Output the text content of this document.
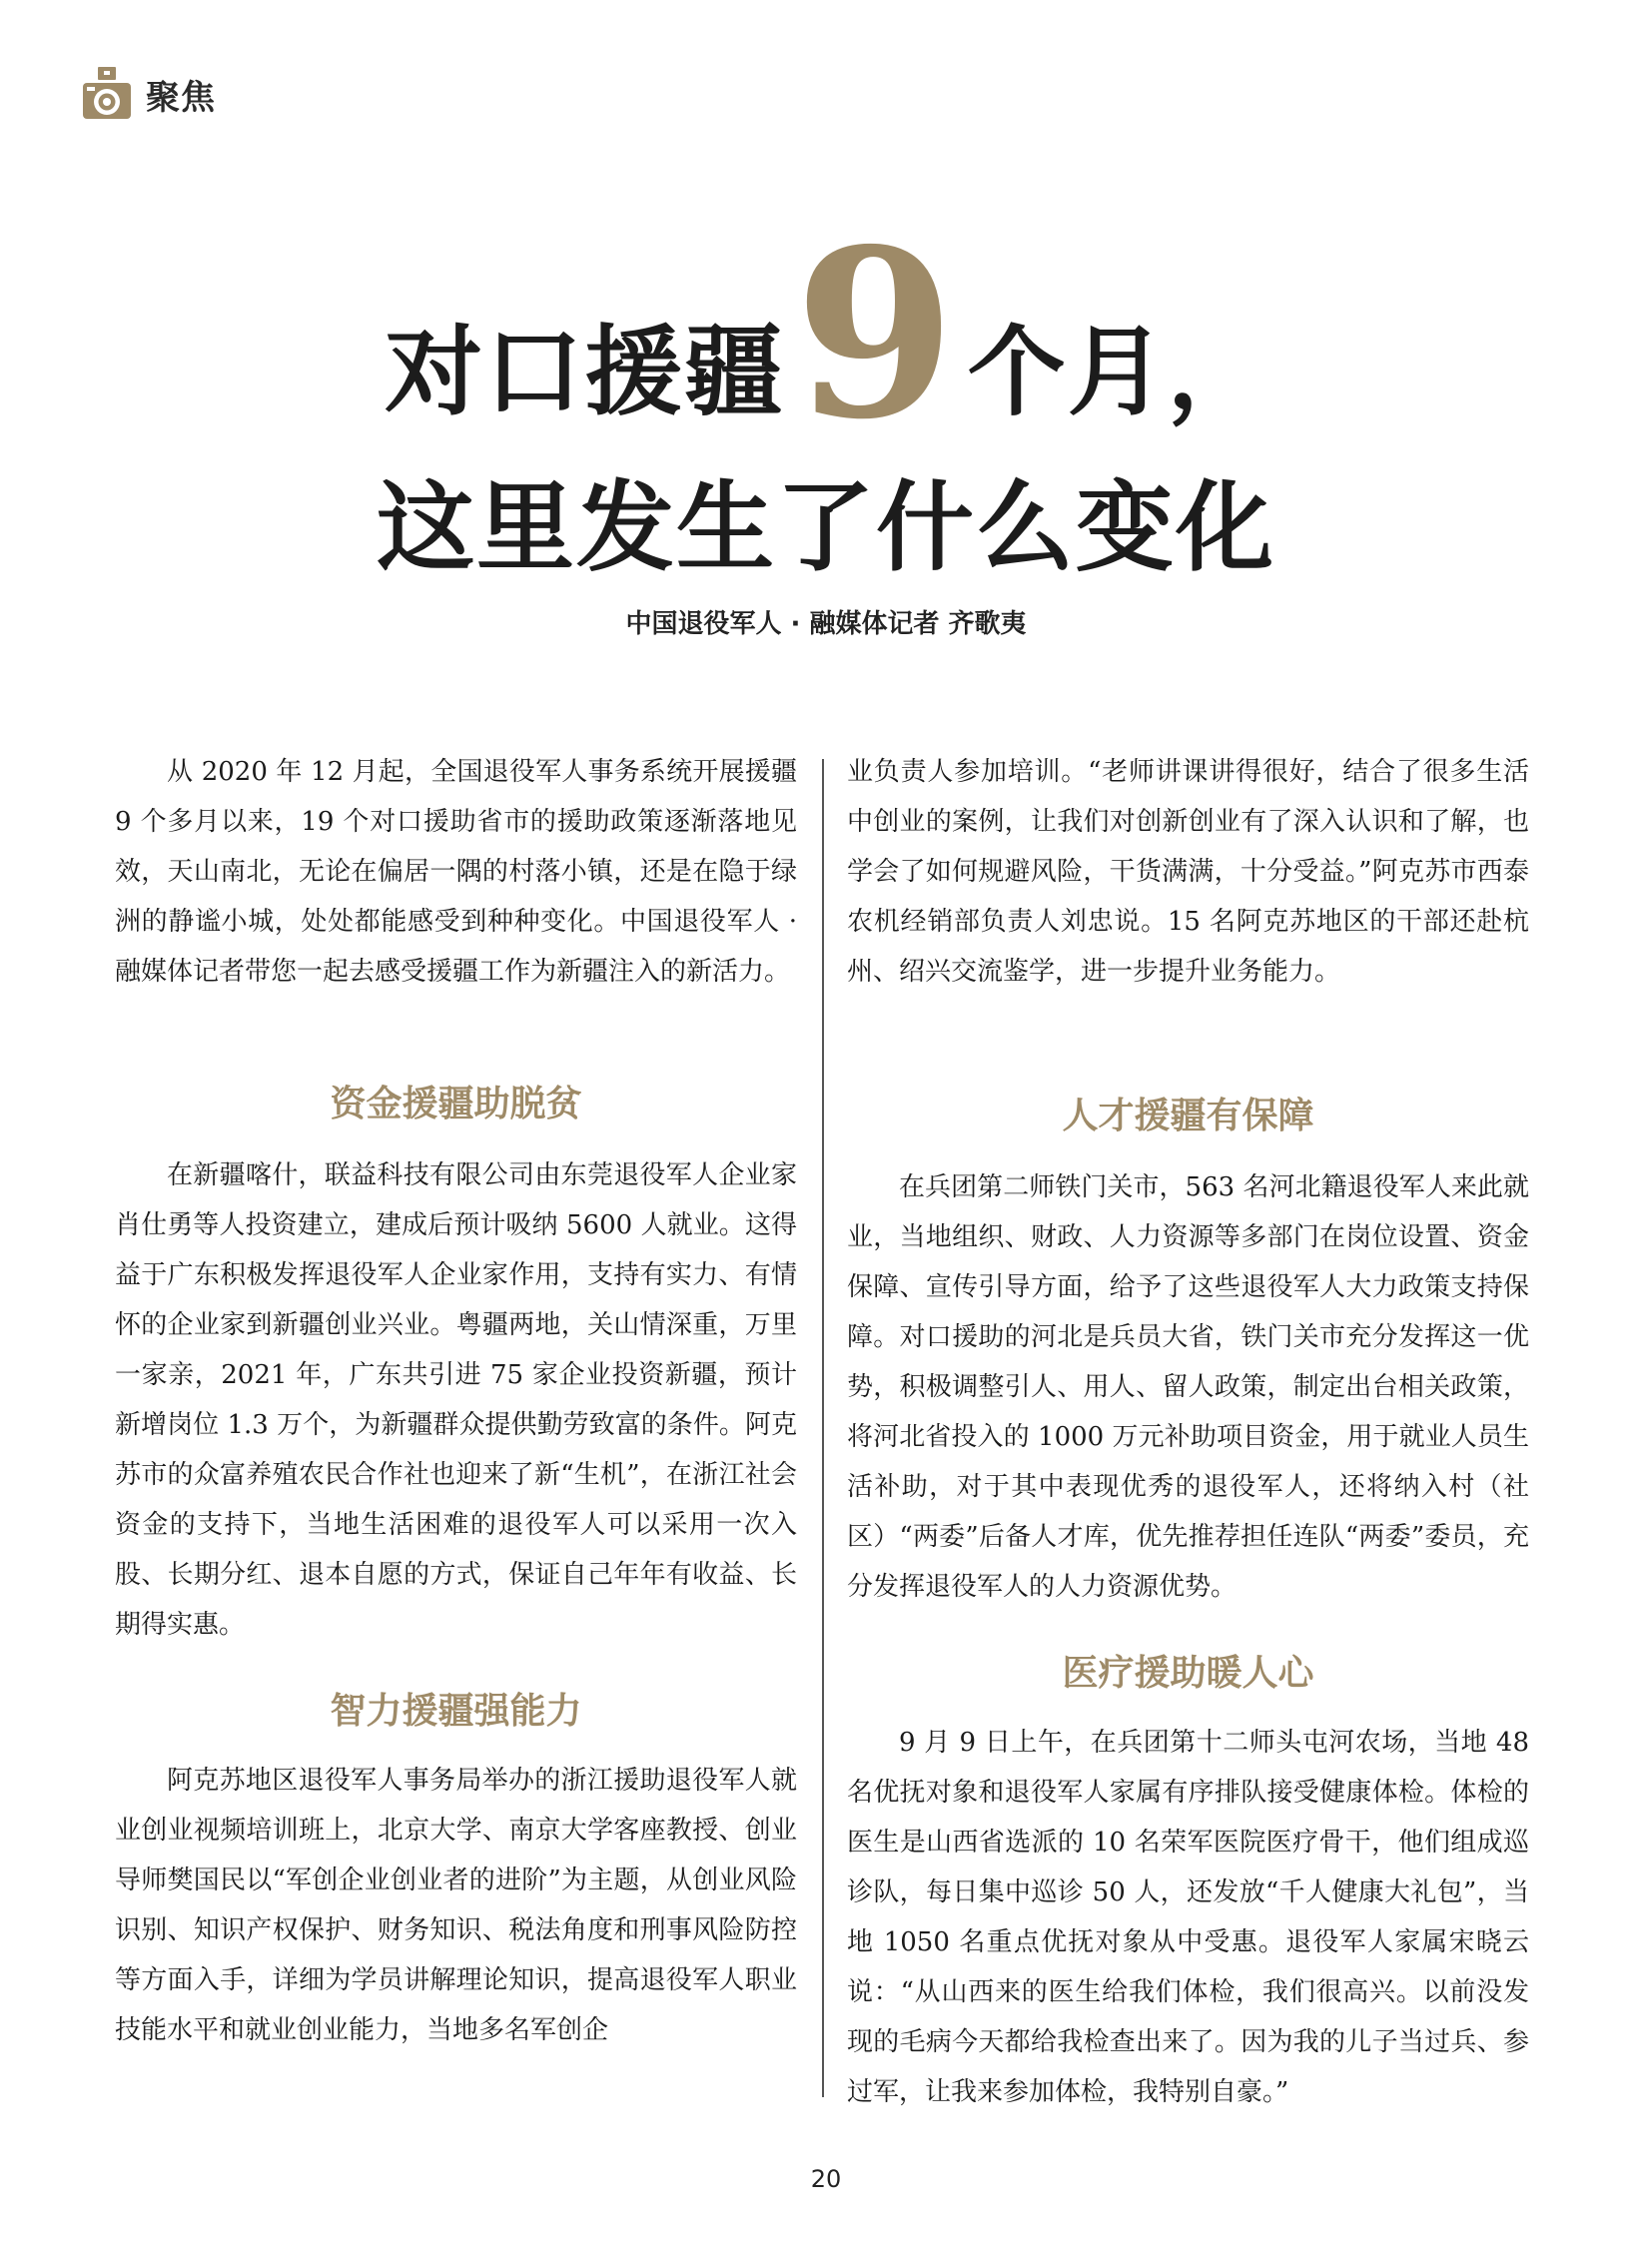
聚焦
对口援疆 9 个月，
这里发生了什么变化
中国退役军人 · 融媒体记者 齐歌夷

从 2020 年 12 月起，全国退役军人事务系统开展援疆 9 个多月以来，19 个对口援助省市的援助政策逐渐落地见效，天山南北，无论在偏居一隅的村落小镇，还是在隐于绿洲的静谧小城，处处都能感受到种种变化。中国退役军人 · 融媒体记者带您一起去感受援疆工作为新疆注入的新活力。

资金援疆助脱贫

在新疆喀什，联益科技有限公司由东莞退役军人企业家肖仕勇等人投资建立，建成后预计吸纳 5600 人就业。这得益于广东积极发挥退役军人企业家作用，支持有实力、有情怀的企业家到新疆创业兴业。粤疆两地，关山情深重，万里一家亲，2021 年，广东共引进 75 家企业投资新疆，预计新增岗位 1.3 万个，为新疆群众提供勤劳致富的条件。阿克苏市的众富养殖农民合作社也迎来了新“生机”，在浙江社会资金的支持下，当地生活困难的退役军人可以采用一次入股、长期分红、退本自愿的方式，保证自己年年有收益、长期得实惠。

智力援疆强能力

阿克苏地区退役军人事务局举办的浙江援助退役军人就业创业视频培训班上，北京大学、南京大学客座教授、创业导师樊国民以“军创企业创业者的进阶”为主题，从创业风险识别、知识产权保护、财务知识、税法角度和刑事风险防控等方面入手，详细为学员讲解理论知识，提高退役军人职业技能水平和就业创业能力，当地多名军创企

业负责人参加培训。“老师讲课讲得很好，结合了很多生活中创业的案例，让我们对创新创业有了深入认识和了解，也学会了如何规避风险，干货满满，十分受益。”阿克苏市西泰农机经销部负责人刘忠说。15 名阿克苏地区的干部还赴杭州、绍兴交流鉴学，进一步提升业务能力。

人才援疆有保障

在兵团第二师铁门关市，563 名河北籍退役军人来此就业，当地组织、财政、人力资源等多部门在岗位设置、资金保障、宣传引导方面，给予了这些退役军人大力政策支持保障。对口援助的河北是兵员大省，铁门关市充分发挥这一优势，积极调整引人、用人、留人政策，制定出台相关政策，将河北省投入的 1000 万元补助项目资金，用于就业人员生活补助，对于其中表现优秀的退役军人，还将纳入村（社区）“两委”后备人才库，优先推荐担任连队“两委”委员，充分发挥退役军人的人力资源优势。

医疗援助暖人心

9 月 9 日上午，在兵团第十二师头屯河农场，当地 48 名优抚对象和退役军人家属有序排队接受健康体检。体检的医生是山西省选派的 10 名荣军医院医疗骨干，他们组成巡诊队，每日集中巡诊 50 人，还发放“千人健康大礼包”，当地 1050 名重点优抚对象从中受惠。退役军人家属宋晓云说：“从山西来的医生给我们体检，我们很高兴。以前没发现的毛病今天都给我检查出来了。因为我的儿子当过兵、参过军，让我来参加体检，我特别自豪。”

20
